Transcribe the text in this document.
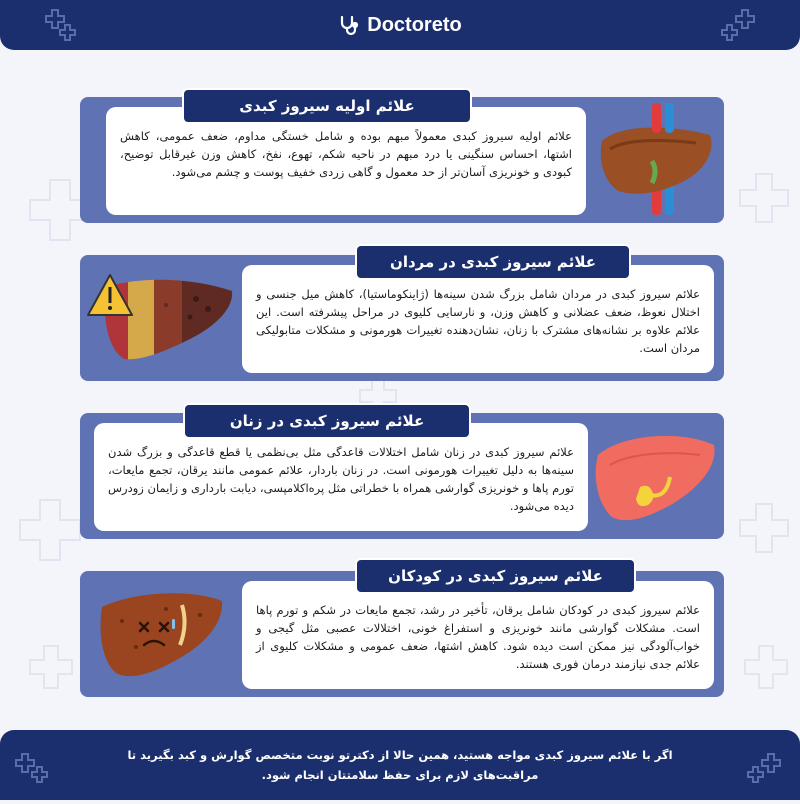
Doctoreto
علائم اولیه سیروز کبدی معمولاً مبهم بوده و شامل خستگی مداوم، ضعف عمومی، کاهش اشتها، احساس سنگینی یا درد مبهم در ناحیه شکم، تهوع، نفخ، کاهش وزن غیرقابل توضیح، کبودی و خونریزی آسان‌تر از حد معمول و گاهی زردی خفیف پوست و چشم می‌شود.
علائم اولیه سیروز کبدی
علائم سیروز کبدی در مردان شامل بزرگ شدن سینه‌ها (ژاینکوماستیا)، کاهش میل جنسی و اختلال نعوظ، ضعف عضلانی و کاهش وزن، و نارسایی کلیوی در مراحل پیشرفته است. این علائم علاوه بر نشانه‌های مشترک با زنان، نشان‌دهنده تغییرات هورمونی و مشکلات متابولیکی مردان است.
علائم سیروز کبدی در مردان
علائم سیروز کبدی در زنان شامل اختلالات قاعدگی مثل بی‌نظمی یا قطع قاعدگی و بزرگ شدن سینه‌ها به دلیل تغییرات هورمونی است. در زنان باردار، علائم عمومی مانند یرقان، تجمع مایعات، تورم پاها و خونریزی گوارشی همراه با خطراتی مثل پره‌اکلامپسی، دیابت بارداری و زایمان زودرس دیده می‌شود.
علائم سیروز کبدی در زنان
علائم سیروز کبدی در کودکان شامل یرقان، تأخیر در رشد، تجمع مایعات در شکم و تورم پاها است. مشکلات گوارشی مانند خونریزی و استفراغ خونی، اختلالات عصبی مثل گیجی و خواب‌آلودگی نیز ممکن است دیده شود. کاهش اشتها، ضعف عمومی و مشکلات کلیوی از علائم جدی نیازمند درمان فوری هستند.
علائم سیروز کبدی در کودکان
اگر با علائم سیروز کبدی مواجه هستید، همین حالا از دکترتو نوبت متخصص گوارش و کبد بگیرید تا مراقبت‌های لازم برای حفظ سلامتتان انجام شود.
